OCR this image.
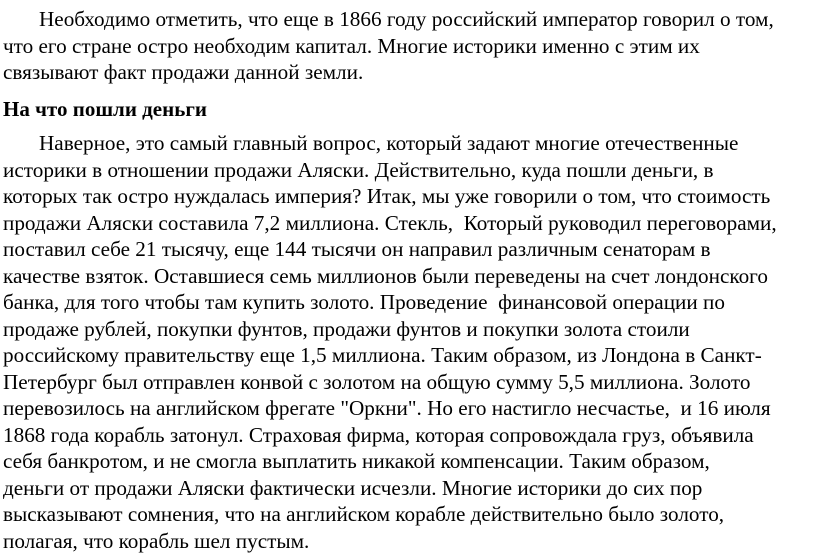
Необходимо отметить, что еще в 1866 году российский император говорил о том,
что его стране остро необходим капитал. Многие историки именно с этим их
связывают факт продажи данной земли.
На что пошли деньги
Наверное, это самый главный вопрос, который задают многие отечественные
историки в отношении продажи Аляски. Действительно, куда пошли деньги, в
которых так остро нуждалась империя? Итак, мы уже говорили о том, что стоимость
продажи Аляски составила 7,2 миллиона. Стекль,  Который руководил переговорами,
поставил себе 21 тысячу, еще 144 тысячи он направил различным сенаторам в
качестве взяток. Оставшиеся семь миллионов были переведены на счет лондонского
банка, для того чтобы там купить золото. Проведение  финансовой операции по
продаже рублей, покупки фунтов, продажи фунтов и покупки золота стоили
российскому правительству еще 1,5 миллиона. Таким образом, из Лондона в Санкт-
Петербург был отправлен конвой с золотом на общую сумму 5,5 миллиона. Золото
перевозилось на английском фрегате "Оркни". Но его настигло несчастье,  и 16 июля
1868 года корабль затонул. Страховая фирма, которая сопровождала груз, объявила
себя банкротом, и не смогла выплатить никакой компенсации. Таким образом,
деньги от продажи Аляски фактически исчезли. Многие историки до сих пор
высказывают сомнения, что на английском корабле действительно было золото,
полагая, что корабль шел пустым.
